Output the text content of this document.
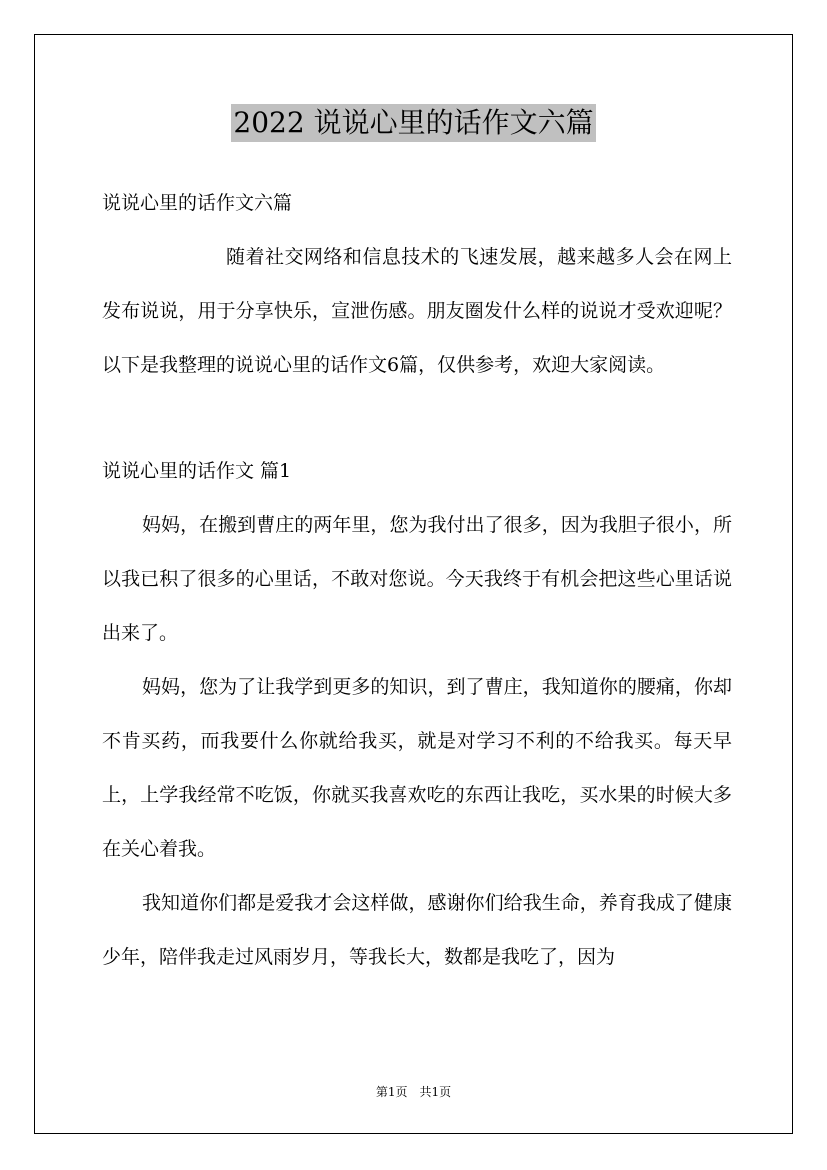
2022 说说心里的话作文六篇

说说心里的话作文六篇

随着社交网络和信息技术的飞速发展，越来越多人会在网上发布说说，用于分享快乐，宣泄伤感。朋友圈发什么样的说说才受欢迎呢？以下是我整理的说说心里的话作文6篇，仅供参考，欢迎大家阅读。

说说心里的话作文 篇1

妈妈，在搬到曹庄的两年里，您为我付出了很多，因为我胆子很小，所以我已积了很多的心里话，不敢对您说。今天我终于有机会把这些心里话说出来了。

妈妈，您为了让我学到更多的知识，到了曹庄，我知道你的腰痛，你却不肯买药，而我要什么你就给我买，就是对学习不利的不给我买。每天早上，上学我经常不吃饭，你就买我喜欢吃的东西让我吃，买水果的时候大多在关心着我。

我知道你们都是爱我才会这样做，感谢你们给我生命，养育我成了健康少年，陪伴我走过风雨岁月，等我长大，数都是我吃了，因为

第1页 共1页
